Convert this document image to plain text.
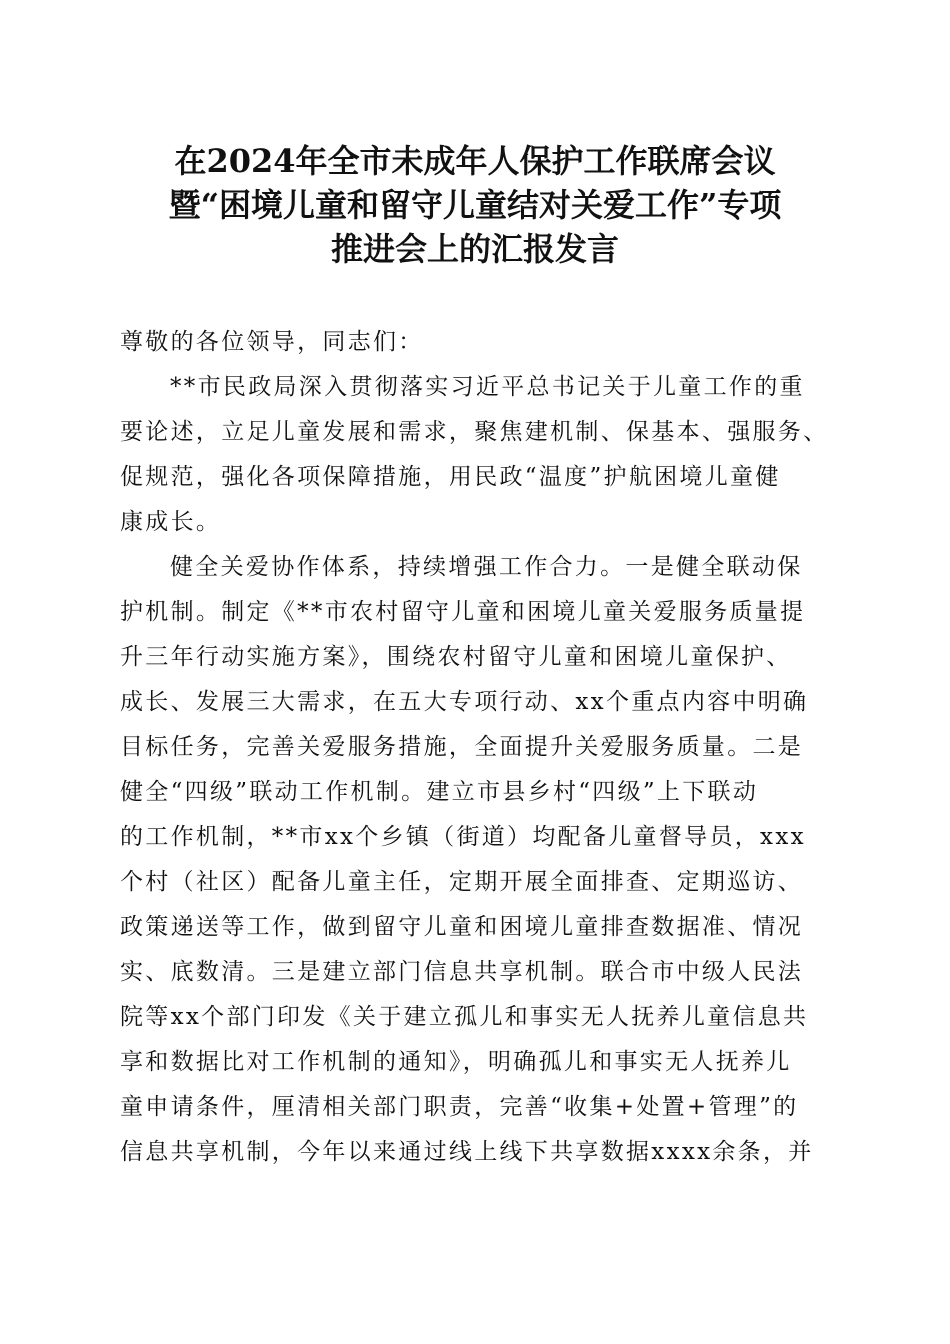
在2024年全市未成年人保护工作联席会议
暨“困境儿童和留守儿童结对关爱工作”专项
推进会上的汇报发言
尊敬的各位领导，同志们：
**市民政局深入贯彻落实习近平总书记关于儿童工作的重
要论述，立足儿童发展和需求，聚焦建机制、保基本、强服务、
促规范，强化各项保障措施，用民政“温度”护航困境儿童健
康成长。
健全关爱协作体系，持续增强工作合力。一是健全联动保
护机制。制定《**市农村留守儿童和困境儿童关爱服务质量提
升三年行动实施方案》，围绕农村留守儿童和困境儿童保护、
成长、发展三大需求，在五大专项行动、xx个重点内容中明确
目标任务，完善关爱服务措施，全面提升关爱服务质量。二是
健全“四级”联动工作机制。建立市县乡村“四级”上下联动
的工作机制，**市xx个乡镇（街道）均配备儿童督导员，xxx
个村（社区）配备儿童主任，定期开展全面排查、定期巡访、
政策递送等工作，做到留守儿童和困境儿童排查数据准、情况
实、底数清。三是建立部门信息共享机制。联合市中级人民法
院等xx个部门印发《关于建立孤儿和事实无人抚养儿童信息共
享和数据比对工作机制的通知》，明确孤儿和事实无人抚养儿
童申请条件，厘清相关部门职责，完善“收集+处置+管理”的
信息共享机制，今年以来通过线上线下共享数据xxxx余条，并
